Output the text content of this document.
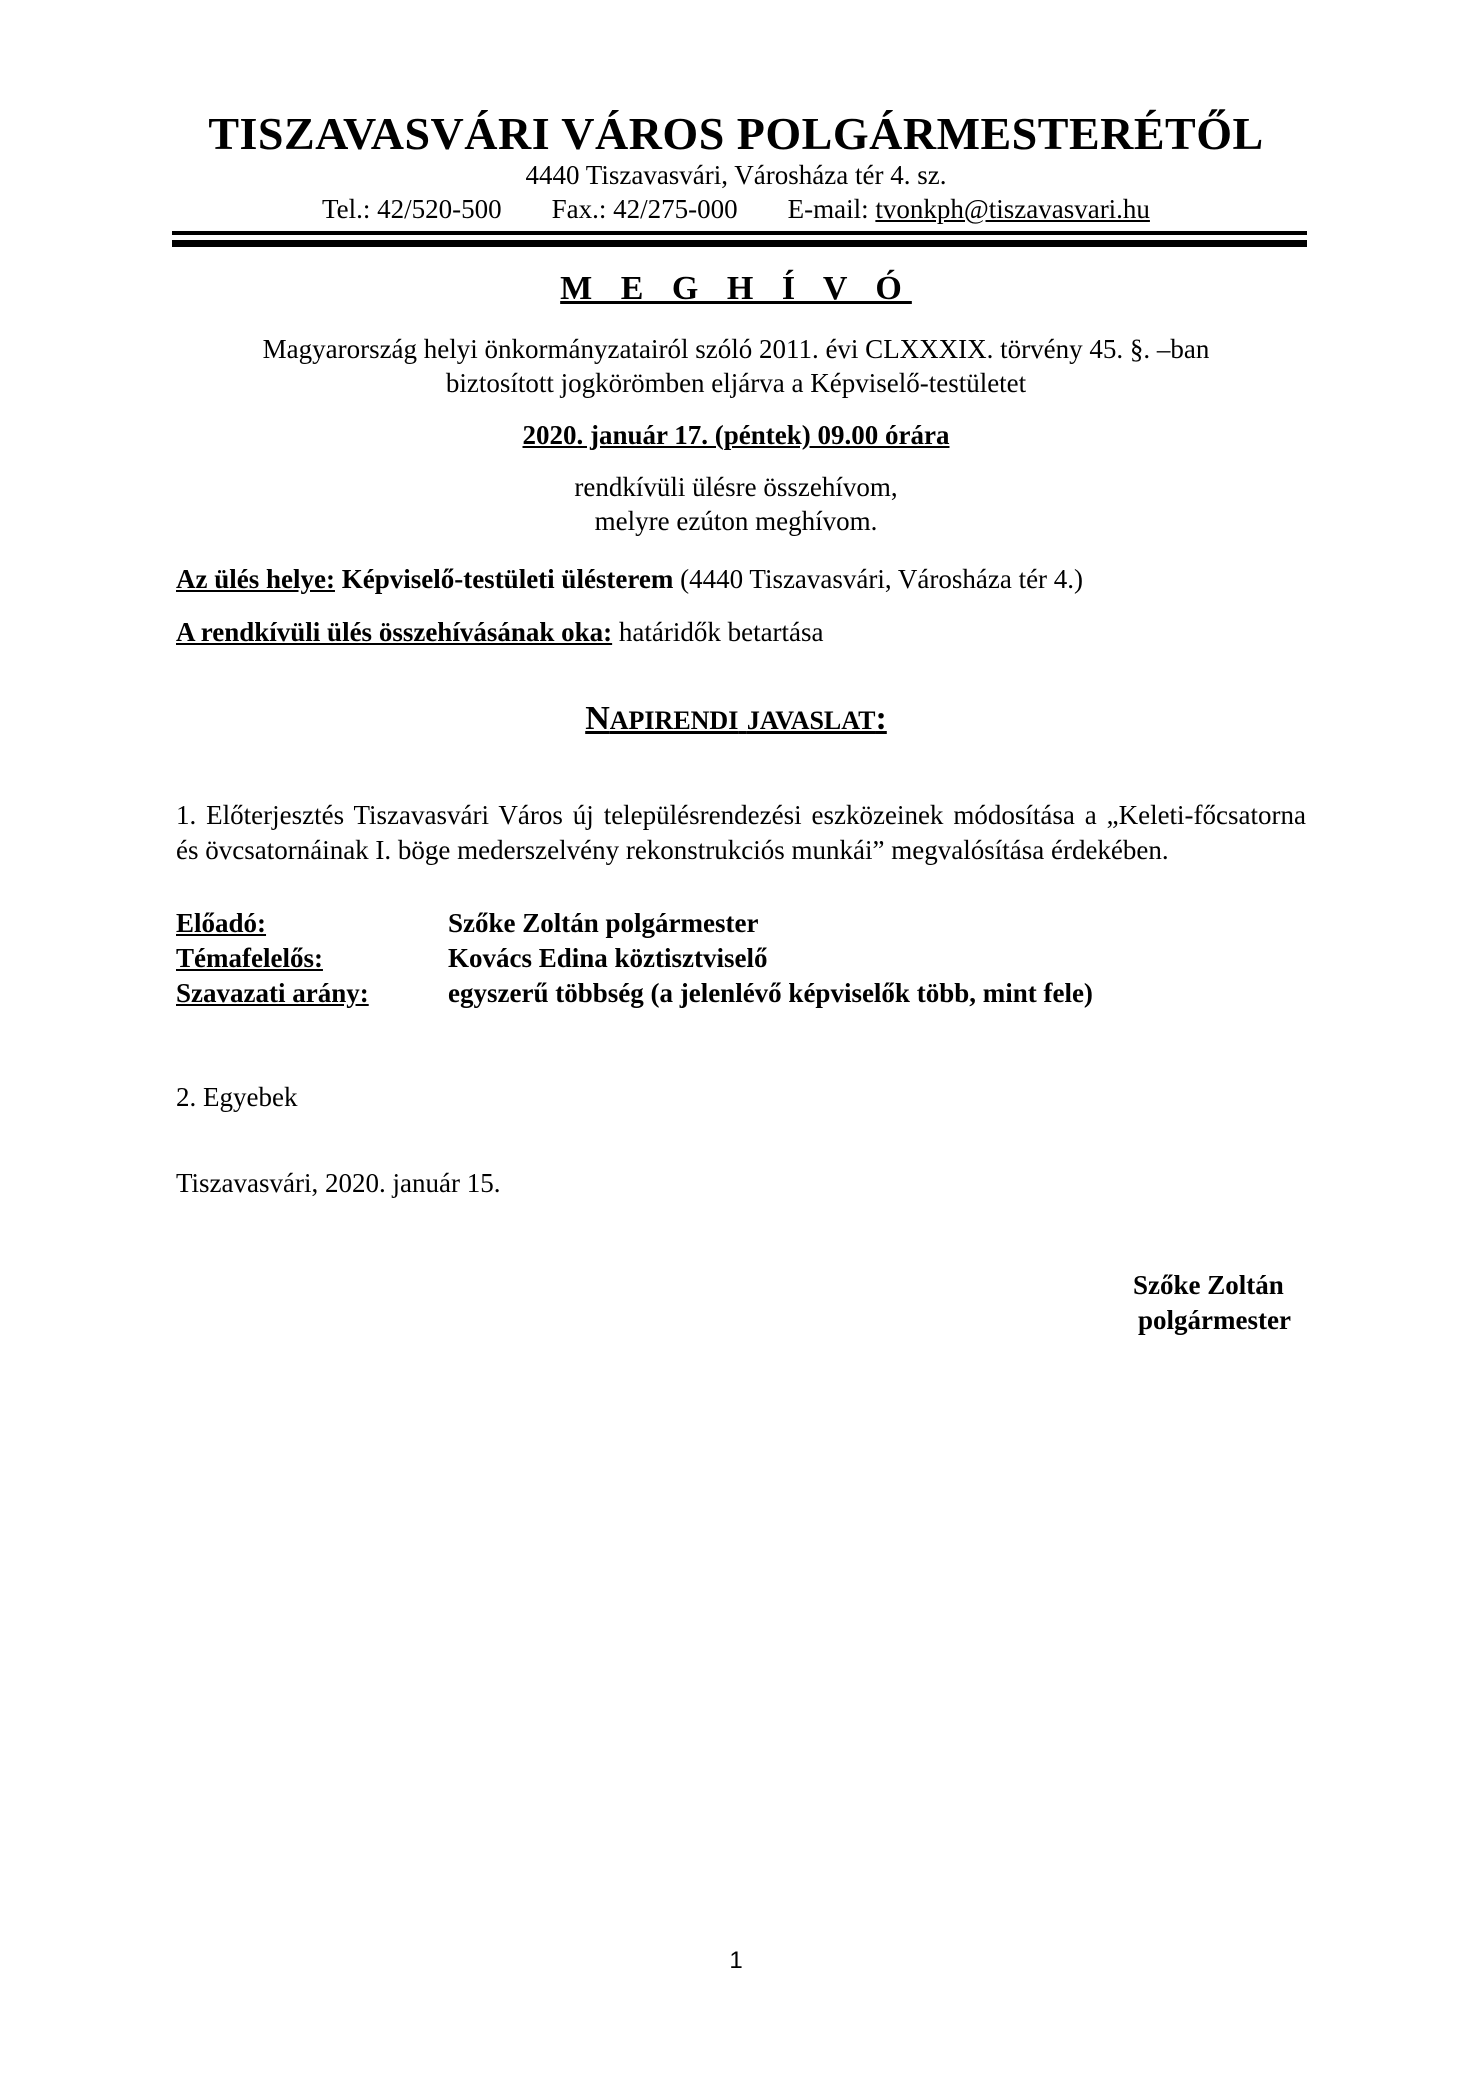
TISZAVASVÁRI VÁROS POLGÁRMESTERÉTŐL
4440 Tiszavasvári, Városháza tér 4. sz.
Tel.: 42/520-500 Fax.: 42/275-000 E-mail: tvonkph@tiszavasvari.hu
M E G H Í V Ó
Magyarország helyi önkormányzatairól szóló 2011. évi CLXXXIX. törvény 45. §. –ban
biztosított jogkörömben eljárva a Képviselő-testületet
2020. január 17. (péntek) 09.00 órára
rendkívüli ülésre összehívom,
melyre ezúton meghívom.
Az ülés helye: Képviselő-testületi ülésterem (4440 Tiszavasvári, Városháza tér 4.)
A rendkívüli ülés összehívásának oka: határidők betartása
NAPIRENDI JAVASLAT:
1. Előterjesztés Tiszavasvári Város új településrendezési eszközeinek módosítása a „Keleti-főcsatorna és övcsatornáinak I. böge mederszelvény rekonstrukciós munkái” megvalósítása érdekében.
Előadó:	Szőke Zoltán polgármester
Témafelelős:	Kovács Edina köztisztviselő
Szavazati arány:	egyszerű többség (a jelenlévő képviselők több, mint fele)
2. Egyebek
Tiszavasvári, 2020. január 15.
Szőke Zoltán
polgármester
1
